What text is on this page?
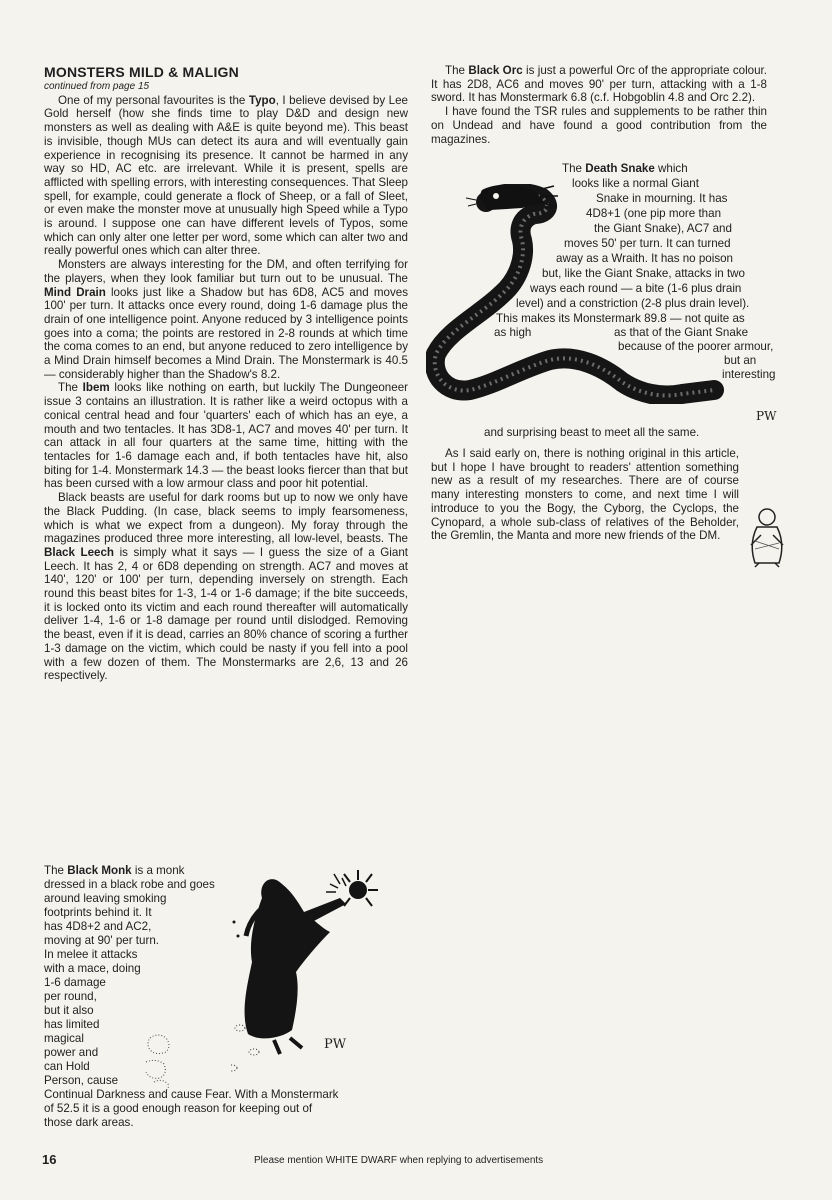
MONSTERS MILD & MALIGN

continued from page 15

One of my personal favourites is the Typo, I believe devised by Lee Gold herself (how she finds time to play D&D and design new monsters as well as dealing with A&E is quite beyond me). This beast is invisible, though MUs can detect its aura and will eventually gain experience in recognising its presence. It cannot be harmed in any way so HD, AC etc. are irrelevant. While it is present, spells are afflicted with spelling errors, with interesting consequences. That Sleep spell, for example, could generate a flock of Sheep, or a fall of Sleet, or even make the monster move at unusually high Speed while a Typo is around. I suppose one can have different levels of Typos, some which can only alter one letter per word, some which can alter two and really powerful ones which can alter three.

Monsters are always interesting for the DM, and often terrifying for the players, when they look familiar but turn out to be unusual. The Mind Drain looks just like a Shadow but has 6D8, AC5 and moves 100' per turn. It attacks once every round, doing 1-6 damage plus the drain of one intelligence point. Anyone reduced by 3 intelligence points goes into a coma; the points are restored in 2-8 rounds at which time the coma comes to an end, but anyone reduced to zero intelligence by a Mind Drain himself becomes a Mind Drain. The Monstermark is 40.5 — considerably higher than the Shadow's 8.2.

The Ibem looks like nothing on earth, but luckily The Dungeoneer issue 3 contains an illustration. It is rather like a weird octopus with a conical central head and four 'quarters' each of which has an eye, a mouth and two tentacles. It has 3D8-1, AC7 and moves 40' per turn. It can attack in all four quarters at the same time, hitting with the tentacles for 1-6 damage each and, if both tentacles have hit, also biting for 1-4. Monstermark 14.3 — the beast looks fiercer than that but has been cursed with a low armour class and poor hit potential.

Black beasts are useful for dark rooms but up to now we only have the Black Pudding. (In case, black seems to imply fearsomeness, which is what we expect from a dungeon). My foray through the magazines produced three more interesting, all low-level, beasts. The Black Leech is simply what it says — I guess the size of a Giant Leech. It has 2, 4 or 6D8 depending on strength. AC7 and moves at 140', 120' or 100' per turn, depending inversely on strength. Each round this beast bites for 1-3, 1-4 or 1-6 damage; if the bite succeeds, it is locked onto its victim and each round thereafter will automatically deliver 1-4, 1-6 or 1-8 damage per round until dislodged. Removing the beast, even if it is dead, carries an 80% chance of scoring a further 1-3 damage on the victim, which could be nasty if you fell into a pool with a few dozen of them. The Monstermarks are 2,6, 13 and 26 respectively.

PW
The Black Monk is a monk
dressed in a black robe and goes
around leaving smoking
footprints behind it. It
has 4D8+2 and AC2,
moving at 90' per turn.
In melee it attacks
with a mace, doing
1-6 damage
per round,
but it also
has limited
magical
power and
can Hold
Person, cause
Continual Darkness and cause Fear. With a Monstermark
of 52.5 it is a good enough reason for keeping out of
those dark areas.

The Black Orc is just a powerful Orc of the appropriate colour. It has 2D8, AC6 and moves 90' per turn, attacking with a 1-8 sword. It has Monstermark 6.8 (c.f. Hobgoblin 4.8 and Orc 2.2).

I have found the TSR rules and supplements to be rather thin on Undead and have found a good contribution from the magazines.

The Death Snake which
looks like a normal Giant
Snake in mourning. It has
4D8+1 (one pip more than
the Giant Snake), AC7 and
moves 50' per turn. It can turned
away as a Wraith. It has no poison
but, like the Giant Snake, attacks in two
ways each round — a bite (1-6 plus drain
level) and a constriction (2-8 plus drain level).
This makes its Monstermark 89.8 — not quite as
as high	as that of the Giant Snake
because of the poorer armour,
but an
interesting
PW
and surprising beast to meet all the same.

As I said early on, there is nothing original in this article, but I hope I have brought to readers' attention something new as a result of my researches. There are of course many interesting monsters to come, and next time I will introduce to you the Bogy, the Cyborg, the Cyclops, the Cynopard, a whole sub-class of relatives of the Beholder, the Gremlin, the Manta and more new friends of the DM.

16	Please mention WHITE DWARF when replying to advertisements
